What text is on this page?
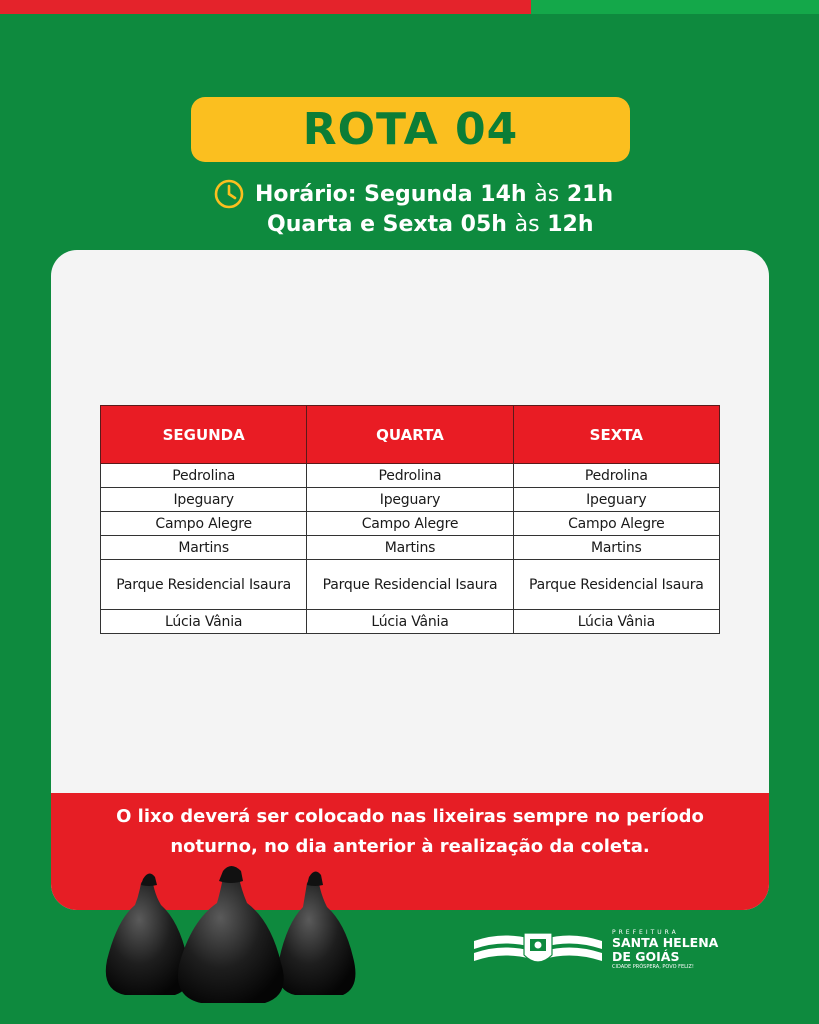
ROTA 04
Horário: Segunda 14h
às
21h
Quarta e Sexta 05h às 12h
SEGUNDA	QUARTA	SEXTA
Pedrolina	Pedrolina	Pedrolina
Ipeguary	Ipeguary	Ipeguary
Campo Alegre	Campo Alegre	Campo Alegre
Martins	Martins	Martins
Parque Residencial Isaura	Parque Residencial Isaura	Parque Residencial Isaura
Lúcia Vânia	Lúcia Vânia	Lúcia Vânia
O lixo deverá ser colocado nas lixeiras sempre no período
noturno, no dia anterior à realização da coleta.
PREFEITURA
SANTA HELENA
DE GOIÁS
CIDADE PRÓSPERA, POVO FELIZ!
